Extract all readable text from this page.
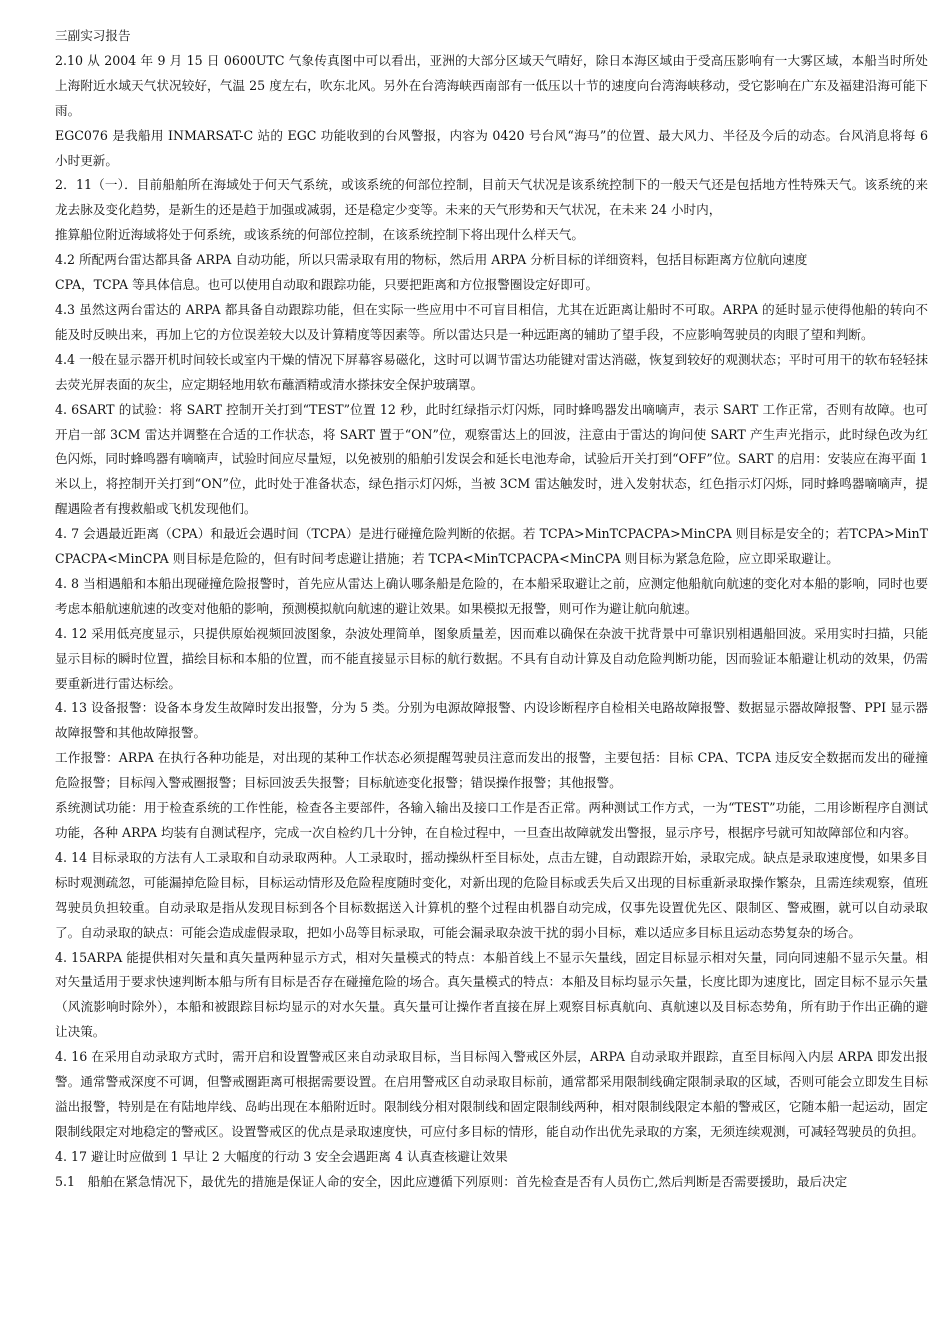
三副实习报告

2.10 从 2004 年 9 月 15 日 0600UTC 气象传真图中可以看出，亚洲的大部分区域天气晴好，除日本海区域由于受高压影响有一大雾区域，本船当时所处上海附近水域天气状况较好，气温 25 度左右，吹东北风。另外在台湾海峡西南部有一低压以十节的速度向台湾海峡移动，受它影响在广东及福建沿海可能下雨。

EGC076 是我船用 INMARSAT-C 站的 EGC 功能收到的台风警报，内容为 0420 号台风“海马”的位置、最大风力、半径及今后的动态。台风消息将每 6 小时更新。

2．11（一）．目前船舶所在海域处于何天气系统，或该系统的何部位控制，目前天气状况是该系统控制下的一般天气还是包括地方性特殊天气。该系统的来龙去脉及变化趋势，是新生的还是趋于加强或减弱，还是稳定少变等。未来的天气形势和天气状况，在未来 24 小时内，

推算船位附近海域将处于何系统，或该系统的何部位控制，在该系统控制下将出现什么样天气。

4.2 所配两台雷达都具备 ARPA 自动功能，所以只需录取有用的物标，然后用 ARPA 分析目标的详细资料，包括目标距离方位航向速度

CPA，TCPA 等具体信息。也可以使用自动取和跟踪功能，只要把距离和方位报警圈设定好即可。

4.3 虽然这两台雷达的 ARPA 都具备自动跟踪功能，但在实际一些应用中不可盲目相信，尤其在近距离让船时不可取。ARPA 的延时显示使得他船的转向不能及时反映出来，再加上它的方位误差较大以及计算精度等因素等。所以雷达只是一种远距离的辅助了望手段，不应影响驾驶员的肉眼了望和判断。

4.4 一般在显示器开机时间较长或室内干燥的情况下屏幕容易磁化，这时可以调节雷达功能键对雷达消磁，恢复到较好的观测状态；平时可用干的软布轻轻抹去荧光屏表面的灰尘，应定期轻地用软布蘸酒精或清水搽抹安全保护玻璃罩。

4. 6SART 的试验：将 SART 控制开关打到“TEST”位置 12 秒，此时红绿指示灯闪烁，同时蜂鸣器发出嘀嘀声，表示 SART 工作正常，否则有故障。也可开启一部 3CM 雷达并调整在合适的工作状态，将 SART 置于“ON”位，观察雷达上的回波，注意由于雷达的询问使 SART 产生声光指示，此时绿色改为红色闪烁，同时蜂鸣器有嘀嘀声，试验时间应尽量短，以免被别的船舶引发误会和延长电池寿命，试验后开关打到“OFF”位。SART 的启用：安装应在海平面 1 米以上，将控制开关打到“ON”位，此时处于准备状态，绿色指示灯闪烁，当被 3CM 雷达触发时，进入发射状态，红色指示灯闪烁，同时蜂鸣器嘀嘀声，提醒遇险者有搜救船或飞机发现他们。

4. 7 会遇最近距离（CPA）和最近会遇时间（TCPA）是进行碰撞危险判断的依据。若 TCPA>MinTCPACPA>MinCPA 则目标是安全的；若TCPA>MinTCPACPA<MinCPA 则目标是危险的，但有时间考虑避让措施；若 TCPA<MinTCPACPA<MinCPA 则目标为紧急危险，应立即采取避让。

4. 8 当相遇船和本船出现碰撞危险报警时，首先应从雷达上确认哪条船是危险的，在本船采取避让之前，应测定他船航向航速的变化对本船的影响，同时也要考虑本船航速航速的改变对他船的影响，预测模拟航向航速的避让效果。如果模拟无报警，则可作为避让航向航速。

4. 12 采用低亮度显示，只提供原始视频回波图象，杂波处理简单，图象质量差，因而难以确保在杂波干扰背景中可靠识别相遇船回波。采用实时扫描，只能显示目标的瞬时位置，描绘目标和本船的位置，而不能直接显示目标的航行数据。不具有自动计算及自动危险判断功能，因而验证本船避让机动的效果，仍需要重新进行雷达标绘。

4. 13 设备报警：设备本身发生故障时发出报警，分为 5 类。分别为电源故障报警、内设诊断程序自检相关电路故障报警、数据显示器故障报警、PPI 显示器故障报警和其他故障报警。

工作报警：ARPA 在执行各种功能是，对出现的某种工作状态必须提醒驾驶员注意而发出的报警，主要包括：目标 CPA、TCPA 违反安全数据而发出的碰撞危险报警；目标闯入警戒圈报警；目标回波丢失报警；目标航迹变化报警；错误操作报警；其他报警。

系统测试功能：用于检查系统的工作性能，检查各主要部件，各输入输出及接口工作是否正常。两种测试工作方式，一为“TEST”功能，二用诊断程序自测试功能，各种 ARPA 均装有自测试程序，完成一次自检约几十分钟，在自检过程中，一旦查出故障就发出警报，显示序号，根据序号就可知故障部位和内容。

4. 14 目标录取的方法有人工录取和自动录取两种。人工录取时，摇动操纵杆至目标处，点击左键，自动跟踪开始，录取完成。缺点是录取速度慢，如果多目标时观测疏忽，可能漏掉危险目标，目标运动情形及危险程度随时变化，对新出现的危险目标或丢失后又出现的目标重新录取操作繁杂，且需连续观察，值班驾驶员负担较重。自动录取是指从发现目标到各个目标数据送入计算机的整个过程由机器自动完成，仅事先设置优先区、限制区、警戒圈，就可以自动录取了。自动录取的缺点：可能会造成虚假录取，把如小岛等目标录取，可能会漏录取杂波干扰的弱小目标，难以适应多目标且运动态势复杂的场合。

4. 15ARPA 能提供相对矢量和真矢量两种显示方式，相对矢量模式的特点：本船首线上不显示矢量线，固定目标显示相对矢量，同向同速船不显示矢量。相对矢量适用于要求快速判断本船与所有目标是否存在碰撞危险的场合。真矢量模式的特点：本船及目标均显示矢量，长度比即为速度比，固定目标不显示矢量（风流影响时除外），本船和被跟踪目标均显示的对水矢量。真矢量可让操作者直接在屏上观察目标真航向、真航速以及目标态势角，所有助于作出正确的避让决策。

4. 16 在采用自动录取方式时，需开启和设置警戒区来自动录取目标，当目标闯入警戒区外层，ARPA 自动录取并跟踪，直至目标闯入内层 ARPA 即发出报警。通常警戒深度不可调，但警戒圈距离可根据需要设置。在启用警戒区自动录取目标前，通常都采用限制线确定限制录取的区域，否则可能会立即发生目标溢出报警，特别是在有陆地岸线、岛屿出现在本船附近时。限制线分相对限制线和固定限制线两种，相对限制线限定本船的警戒区，它随本船一起运动，固定限制线限定对地稳定的警戒区。设置警戒区的优点是录取速度快，可应付多目标的情形，能自动作出优先录取的方案，无须连续观测，可减轻驾驶员的负担。

4. 17 避让时应做到 1 早让 2 大幅度的行动 3 安全会遇距离 4 认真查核避让效果

5.1　船舶在紧急情况下，最优先的措施是保证人命的安全，因此应遵循下列原则：首先检查是否有人员伤亡,然后判断是否需要援助，最后决定
